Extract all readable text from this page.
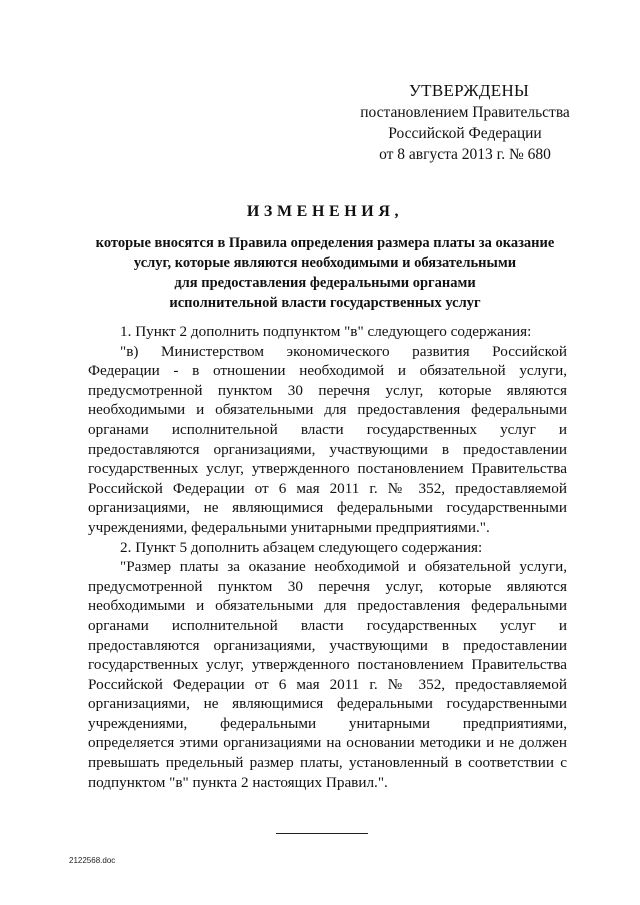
УТВЕРЖДЕНЫ
постановлением Правительства
Российской Федерации
от 8 августа 2013 г. № 680
ИЗМЕНЕНИЯ,
которые вносятся в Правила определения размера платы за оказание
услуг, которые являются необходимыми и обязательными
для предоставления федеральными органами
исполнительной власти государственных услуг

1. Пункт 2 дополнить подпунктом "в" следующего содержания:

"в) Министерством экономического развития Российской Федерации - в отношении необходимой и обязательной услуги, предусмотренной пунктом 30 перечня услуг, которые являются необходимыми и обязательными для предоставления федеральными органами исполнительной власти государственных услуг и предоставляются организациями, участвующими в предоставлении государственных услуг, утвержденного постановлением Правительства Российской Федерации от 6 мая 2011 г. № 352, предоставляемой организациями, не являющимися федеральными государственными учреждениями, федеральными унитарными предприятиями.".

2. Пункт 5 дополнить абзацем следующего содержания:

"Размер платы за оказание необходимой и обязательной услуги, предусмотренной пунктом 30 перечня услуг, которые являются необходимыми и обязательными для предоставления федеральными органами исполнительной власти государственных услуг и предоставляются организациями, участвующими в предоставлении государственных услуг, утвержденного постановлением Правительства Российской Федерации от 6 мая 2011 г. № 352, предоставляемой организациями, не являющимися федеральными государственными учреждениями, федеральными унитарными предприятиями, определяется этими организациями на основании методики и не должен превышать предельный размер платы, установленный в соответствии с подпунктом "в" пункта 2 настоящих Правил.".

2122568.doc
